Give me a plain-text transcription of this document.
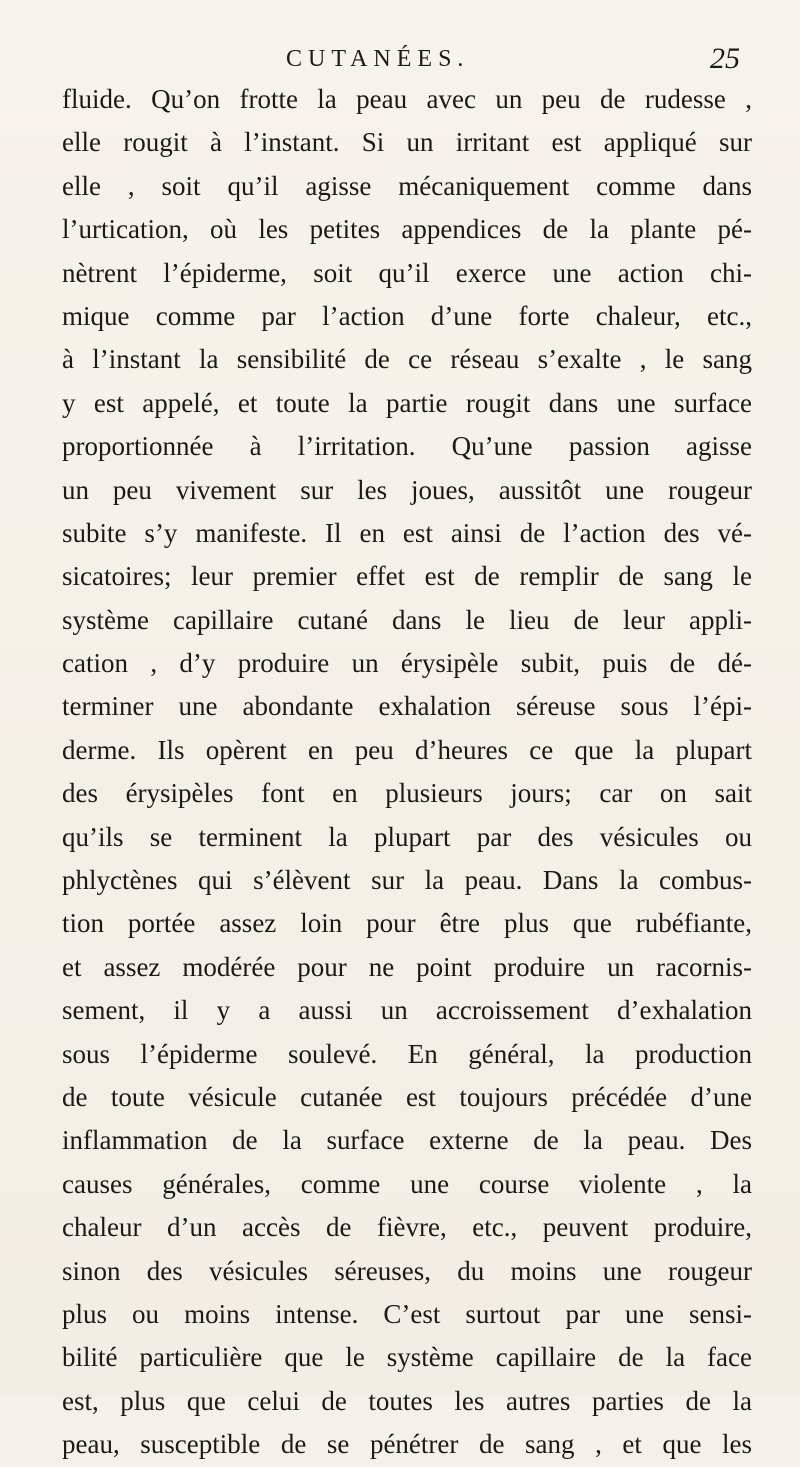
CUTANÉES.	25
fluide. Qu’on frotte la peau avec un peu de rudesse ,
elle rougit à l’instant. Si un irritant est appliqué sur
elle , soit qu’il agisse mécaniquement comme dans
l’urtication, où les petites appendices de la plante pé-
nètrent l’épiderme, soit qu’il exerce une action chi-
mique comme par l’action d’une forte chaleur, etc.,
à l’instant la sensibilité de ce réseau s’exalte , le sang
y est appelé, et toute la partie rougit dans une surface
proportionnée à l’irritation. Qu’une passion agisse
un peu vivement sur les joues, aussitôt une rougeur
subite s’y manifeste. Il en est ainsi de l’action des vé-
sicatoires; leur premier effet est de remplir de sang le
système capillaire cutané dans le lieu de leur appli-
cation , d’y produire un érysipèle subit, puis de dé-
terminer une abondante exhalation séreuse sous l’épi-
derme. Ils opèrent en peu d’heures ce que la plupart
des érysipèles font en plusieurs jours; car on sait
qu’ils se terminent la plupart par des vésicules ou
phlyctènes qui s’élèvent sur la peau. Dans la combus-
tion portée assez loin pour être plus que rubéfiante,
et assez modérée pour ne point produire un racornis-
sement, il y a aussi un accroissement d’exhalation
sous l’épiderme soulevé. En général, la production
de toute vésicule cutanée est toujours précédée d’une
inflammation de la surface externe de la peau. Des
causes générales, comme une course violente , la
chaleur d’un accès de fièvre, etc., peuvent produire,
sinon des vésicules séreuses, du moins une rougeur
plus ou moins intense. C’est surtout par une sensi-
bilité particulière que le système capillaire de la face
est, plus que celui de toutes les autres parties de la
peau, susceptible de se pénétrer de sang , et que les
